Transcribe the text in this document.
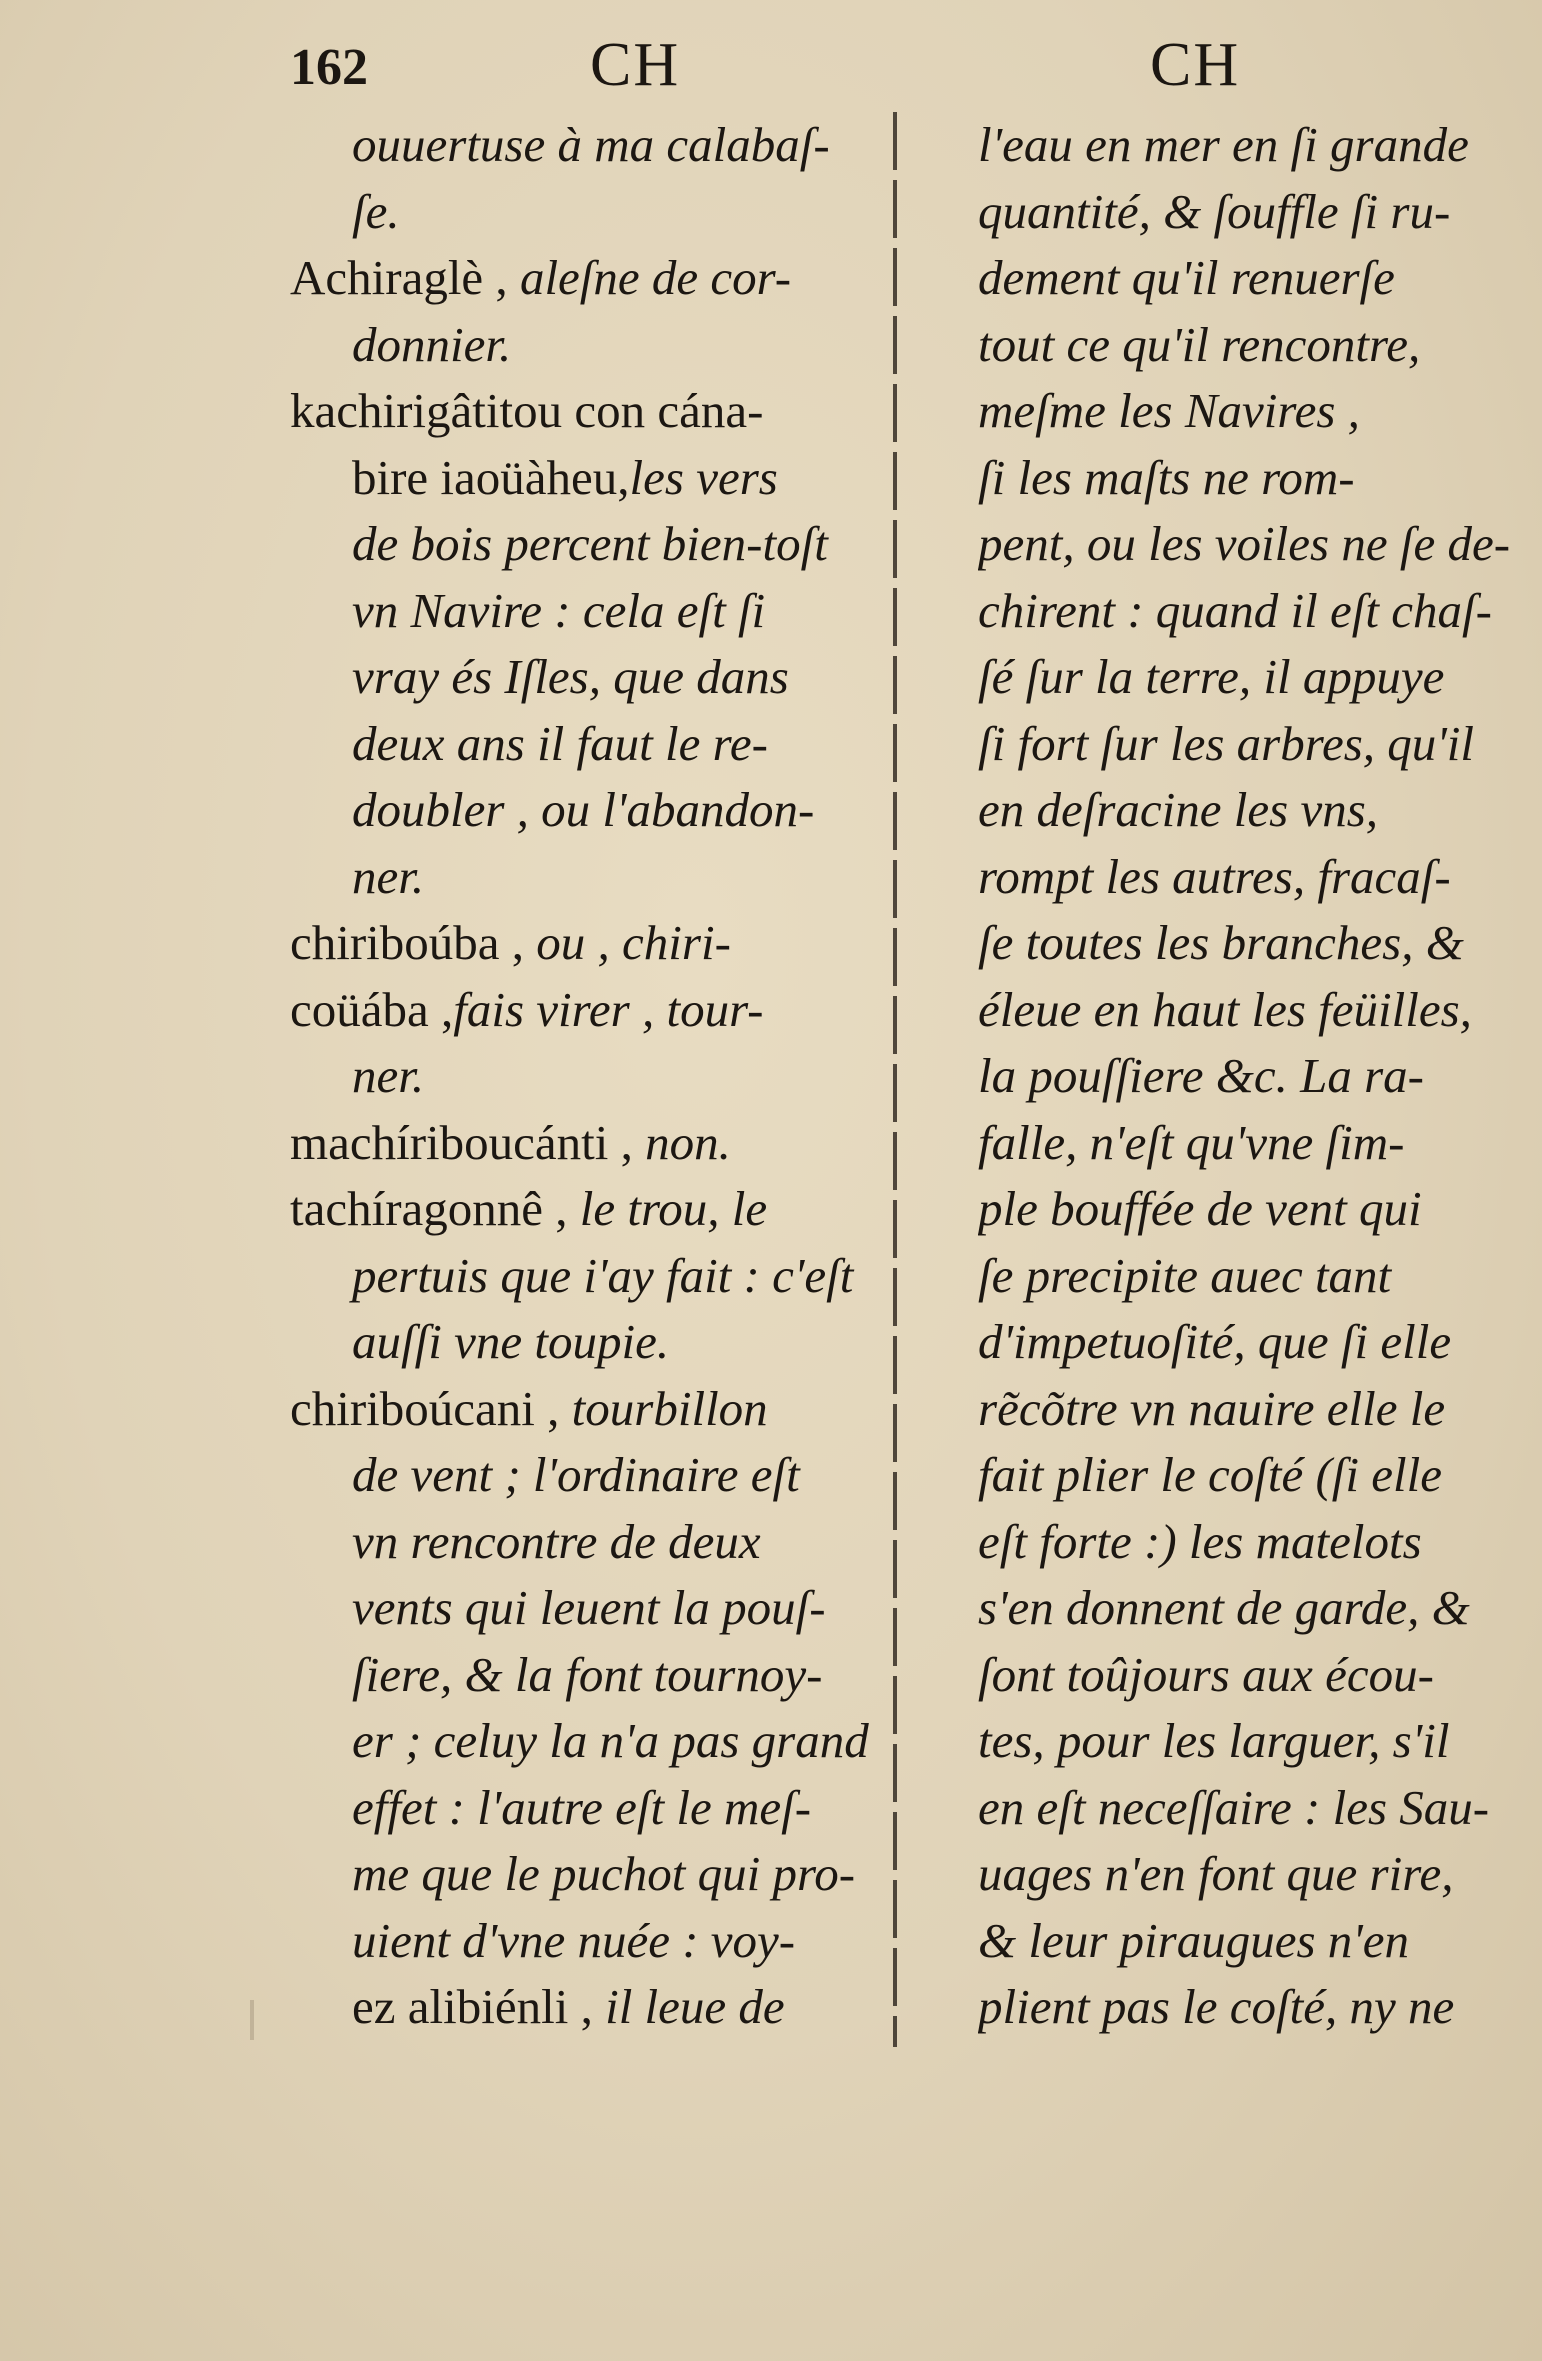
162	CH	CH
ouuertuse à ma calabaſ-
ſe.
Achiraglè , aleſne de cor-
donnier.
kachirigâtitou con cána-
bire iaoüàheu,les vers
de bois percent bien-toſt
vn Navire : cela eſt ſi
vray és Iſles, que dans
deux ans il faut le re-
doubler , ou l'abandon-
ner.
chiriboúba , ou , chiri-
coüába ,fais virer , tour-
ner.
machíriboucánti , non.
tachíragonnê , le trou, le
pertuis que i'ay fait : c'eſt
auſſi vne toupie.
chiriboúcani , tourbillon
de vent ; l'ordinaire eſt
vn rencontre de deux
vents qui leuent la pouſ-
ſiere, & la font tournoy-
er ; celuy la n'a pas grand
effet : l'autre eſt le meſ-
me que le puchot qui pro-
uient d'vne nuée : voy-
ez alibiénli , il leue de
l'eau en mer en ſi grande
quantité, & ſouffle ſi ru-
dement qu'il renuerſe
tout ce qu'il rencontre,
meſme les Navires ,
ſi les maſts ne rom-
pent, ou les voiles ne ſe de-
chirent : quand il eſt chaſ-
ſé ſur la terre, il appuye
ſi fort ſur les arbres, qu'il
en deſracine les vns,
rompt les autres, fracaſ-
ſe toutes les branches, &
éleue en haut les feüilles,
la pouſſiere &c. La ra-
falle, n'eſt qu'vne ſim-
ple bouffée de vent qui
ſe precipite auec tant
d'impetuoſité, que ſi elle
rẽcõtre vn nauire elle le
fait plier le coſté (ſi elle
eſt forte :) les matelots
s'en donnent de garde, &
ſont toûjours aux écou-
tes, pour les larguer, s'il
en eſt neceſſaire : les Sau-
uages n'en font que rire,
& leur piraugues n'en
plient pas le coſté, ny ne
